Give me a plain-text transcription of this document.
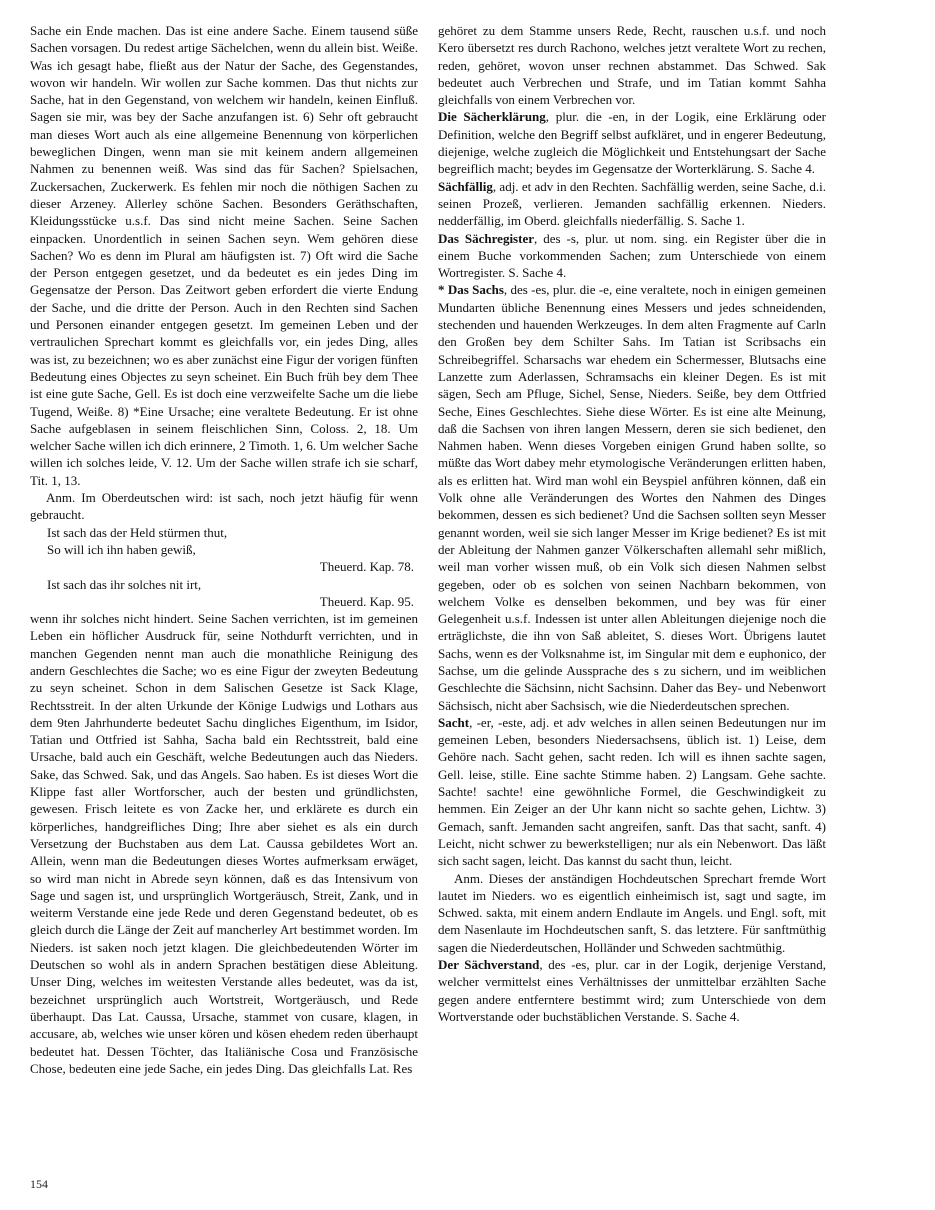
Sache ein Ende machen. Das ist eine andere Sache. Einem tausend süße Sachen vorsagen. Du redest artige Sächelchen, wenn du allein bist. Weiße. Was ich gesagt habe, fließt aus der Natur der Sache, des Gegenstandes, wovon wir handeln. Wir wollen zur Sache kommen. Das thut nichts zur Sache, hat in den Gegenstand, von welchem wir handeln, keinen Einfluß. Sagen sie mir, was bey der Sache anzufangen ist. 6) Sehr oft gebraucht man dieses Wort auch als eine allgemeine Benennung von körperlichen beweglichen Dingen, wenn man sie mit keinem andern allgemeinen Nahmen zu benennen weiß. Was sind das für Sachen? Spielsachen, Zuckersachen, Zuckerwerk. Es fehlen mir noch die nöthigen Sachen zu dieser Arzeney. Allerley schöne Sachen. Besonders Geräthschaften, Kleidungsstücke u.s.f. Das sind nicht meine Sachen. Seine Sachen einpacken. Unordentlich in seinen Sachen seyn. Wem gehören diese Sachen? Wo es denn im Plural am häufigsten ist. 7) Oft wird die Sache der Person entgegen gesetzet, und da bedeutet es ein jedes Ding im Gegensatze der Person. Das Zeitwort geben erfordert die vierte Endung der Sache, und die dritte der Person. Auch in den Rechten sind Sachen und Personen einander entgegen gesetzt. Im gemeinen Leben und der vertraulichen Sprechart kommt es gleichfalls vor, ein jedes Ding, alles was ist, zu bezeichnen; wo es aber zunächst eine Figur der vorigen fünften Bedeutung eines Objectes zu seyn scheinet. Ein Buch früh bey dem Thee ist eine gute Sache, Gell. Es ist doch eine verzweifelte Sache um die liebe Tugend, Weiße. 8) *Eine Ursache; eine veraltete Bedeutung. Er ist ohne Sache aufgeblasen in seinem fleischlichen Sinn, Coloss. 2, 18. Um welcher Sache willen ich dich erinnere, 2 Timoth. 1, 6. Um welcher Sache willen ich solches leide, V. 12. Um der Sache willen strafe ich sie scharf, Tit. 1, 13.

Anm. Im Oberdeutschen wird: ist sach, noch jetzt häufig für wenn gebraucht.

Ist sach das der Held stürmen thut,

So will ich ihn haben gewiß,

Theuerd. Kap. 78.

Ist sach das ihr solches nit irt,

Theuerd. Kap. 95.

wenn ihr solches nicht hindert. Seine Sachen verrichten, ist im gemeinen Leben ein höflicher Ausdruck für, seine Nothdurft verrichten, und in manchen Gegenden nennt man auch die monathliche Reinigung des andern Geschlechtes die Sache; wo es eine Figur der zweyten Bedeutung zu seyn scheinet. Schon in dem Salischen Gesetze ist Sack Klage, Rechtsstreit. In der alten Urkunde der Könige Ludwigs und Lothars aus dem 9ten Jahrhunderte bedeutet Sachu dingliches Eigenthum, im Isidor, Tatian und Ottfried ist Sahha, Sacha bald ein Rechtsstreit, bald eine Ursache, bald auch ein Geschäft, welche Bedeutungen auch das Nieders. Sake, das Schwed. Sak, und das Angels. Sao haben. Es ist dieses Wort die Klippe fast aller Wortforscher, auch der besten und gründlichsten, gewesen. Frisch leitete es von Zacke her, und erklärete es durch ein körperliches, handgreifliches Ding; Ihre aber siehet es als ein durch Versetzung der Buchstaben aus dem Lat. Caussa gebildetes Wort an. Allein, wenn man die Bedeutungen dieses Wortes aufmerksam erwäget, so wird man nicht in Abrede seyn können, daß es das Intensivum von Sage und sagen ist, und ursprünglich Wortgeräusch, Streit, Zank, und in weiterm Verstande eine jede Rede und deren Gegenstand bedeutet, ob es gleich durch die Länge der Zeit auf mancherley Art bestimmet worden. Im Nieders. ist saken noch jetzt klagen. Die gleichbedeutenden Wörter im Deutschen so wohl als in andern Sprachen bestätigen diese Ableitung. Unser Ding, welches im weitesten Verstande alles bedeutet, was da ist, bezeichnet ursprünglich auch Wortstreit, Wortgeräusch, und Rede überhaupt. Das Lat. Caussa, Ursache, stammet von cusare, klagen, in accusare, ab, welches wie unser kören und kösen ehedem reden überhaupt bedeutet hat. Dessen Töchter, das Italiänische Cosa und Französische Chose, bedeuten eine jede Sache, ein jedes Ding. Das gleichfalls Lat. Res

gehöret zu dem Stamme unsers Rede, Recht, rauschen u.s.f. und noch Kero übersetzt res durch Rachono, welches jetzt veraltete Wort zu rechen, reden, gehöret, wovon unser rechnen abstammet. Das Schwed. Sak bedeutet auch Verbrechen und Strafe, und im Tatian kommt Sahha gleichfalls von einem Verbrechen vor.

Die Sächerklärung, plur. die -en, in der Logik, eine Erklärung oder Definition, welche den Begriff selbst aufkläret, und in engerer Bedeutung, diejenige, welche zugleich die Möglichkeit und Entstehungsart der Sache begreiflich macht; beydes im Gegensatze der Worterklärung. S. Sache 4.

Sächfällig, adj. et adv in den Rechten. Sachfällig werden, seine Sache, d.i. seinen Prozeß, verlieren. Jemanden sachfällig erkennen. Nieders. nedderfällig, im Oberd. gleichfalls niederfällig. S. Sache 1.

Das Sächregister, des -s, plur. ut nom. sing. ein Register über die in einem Buche vorkommenden Sachen; zum Unterschiede von einem Wortregister. S. Sache 4.

* Das Sachs, des -es, plur. die -e, eine veraltete, noch in einigen gemeinen Mundarten übliche Benennung eines Messers und jedes schneidenden, stechenden und hauenden Werkzeuges. In dem alten Fragmente auf Carln den Großen bey dem Schilter Sahs. Im Tatian ist Scribsachs ein Schreibegriffel. Scharsachs war ehedem ein Schermesser, Blutsachs eine Lanzette zum Aderlassen, Schramsachs ein kleiner Degen. Es ist mit sägen, Sech am Pfluge, Sichel, Sense, Nieders. Seiße, bey dem Ottfried Seche, Eines Geschlechtes. Siehe diese Wörter. Es ist eine alte Meinung, daß die Sachsen von ihren langen Messern, deren sie sich bedienet, den Nahmen haben. Wenn dieses Vorgeben einigen Grund haben sollte, so müßte das Wort dabey mehr etymologische Veränderungen erlitten haben, als es erlitten hat. Wird man wohl ein Beyspiel anführen können, daß ein Volk ohne alle Veränderungen des Wortes den Nahmen des Dinges bekommen, dessen es sich bedienet? Und die Sachsen sollten seyn Messer genannt worden, weil sie sich langer Messer im Krige bedienet? Es ist mit der Ableitung der Nahmen ganzer Völkerschaften allemahl sehr mißlich, weil man vorher wissen muß, ob ein Volk sich diesen Nahmen selbst gegeben, oder ob es solchen von seinen Nachbarn bekommen, von welchem Volke es denselben bekommen, und bey was für einer Gelegenheit u.s.f. Indessen ist unter allen Ableitungen diejenige noch die erträglichste, die ihn von Saß ableitet, S. dieses Wort. Übrigens lautet Sachs, wenn es der Volksnahme ist, im Singular mit dem e euphonico, der Sachse, um die gelinde Aussprache des s zu sichern, und im weiblichen Geschlechte die Sächsinn, nicht Sachsinn. Daher das Bey- und Nebenwort Sächsisch, nicht aber Sachsisch, wie die Niederdeutschen sprechen.

Sacht, -er, -este, adj. et adv welches in allen seinen Bedeutungen nur im gemeinen Leben, besonders Niedersachsens, üblich ist. 1) Leise, dem Gehöre nach. Sacht gehen, sacht reden. Ich will es ihnen sachte sagen, Gell. leise, stille. Eine sachte Stimme haben. 2) Langsam. Gehe sachte. Sachte! sachte! eine gewöhnliche Formel, die Geschwindigkeit zu hemmen. Ein Zeiger an der Uhr kann nicht so sachte gehen, Lichtw. 3) Gemach, sanft. Jemanden sacht angreifen, sanft. Das that sacht, sanft. 4) Leicht, nicht schwer zu bewerkstelligen; nur als ein Nebenwort. Das läßt sich sacht sagen, leicht. Das kannst du sacht thun, leicht.

Anm. Dieses der anständigen Hochdeutschen Sprechart fremde Wort lautet im Nieders. wo es eigentlich einheimisch ist, sagt und sagte, im Schwed. sakta, mit einem andern Endlaute im Angels. und Engl. soft, mit dem Nasenlaute im Hochdeutschen sanft, S. das letztere. Für sanftmüthig sagen die Niederdeutschen, Holländer und Schweden sachtmüthig.

Der Sächverstand, des -es, plur. car in der Logik, derjenige Verstand, welcher vermittelst eines Verhältnisses der unmittelbar erzählten Sache gegen andere entferntere bestimmt wird; zum Unterschiede von dem Wortverstande oder buchstäblichen Verstande. S. Sache 4.

154
